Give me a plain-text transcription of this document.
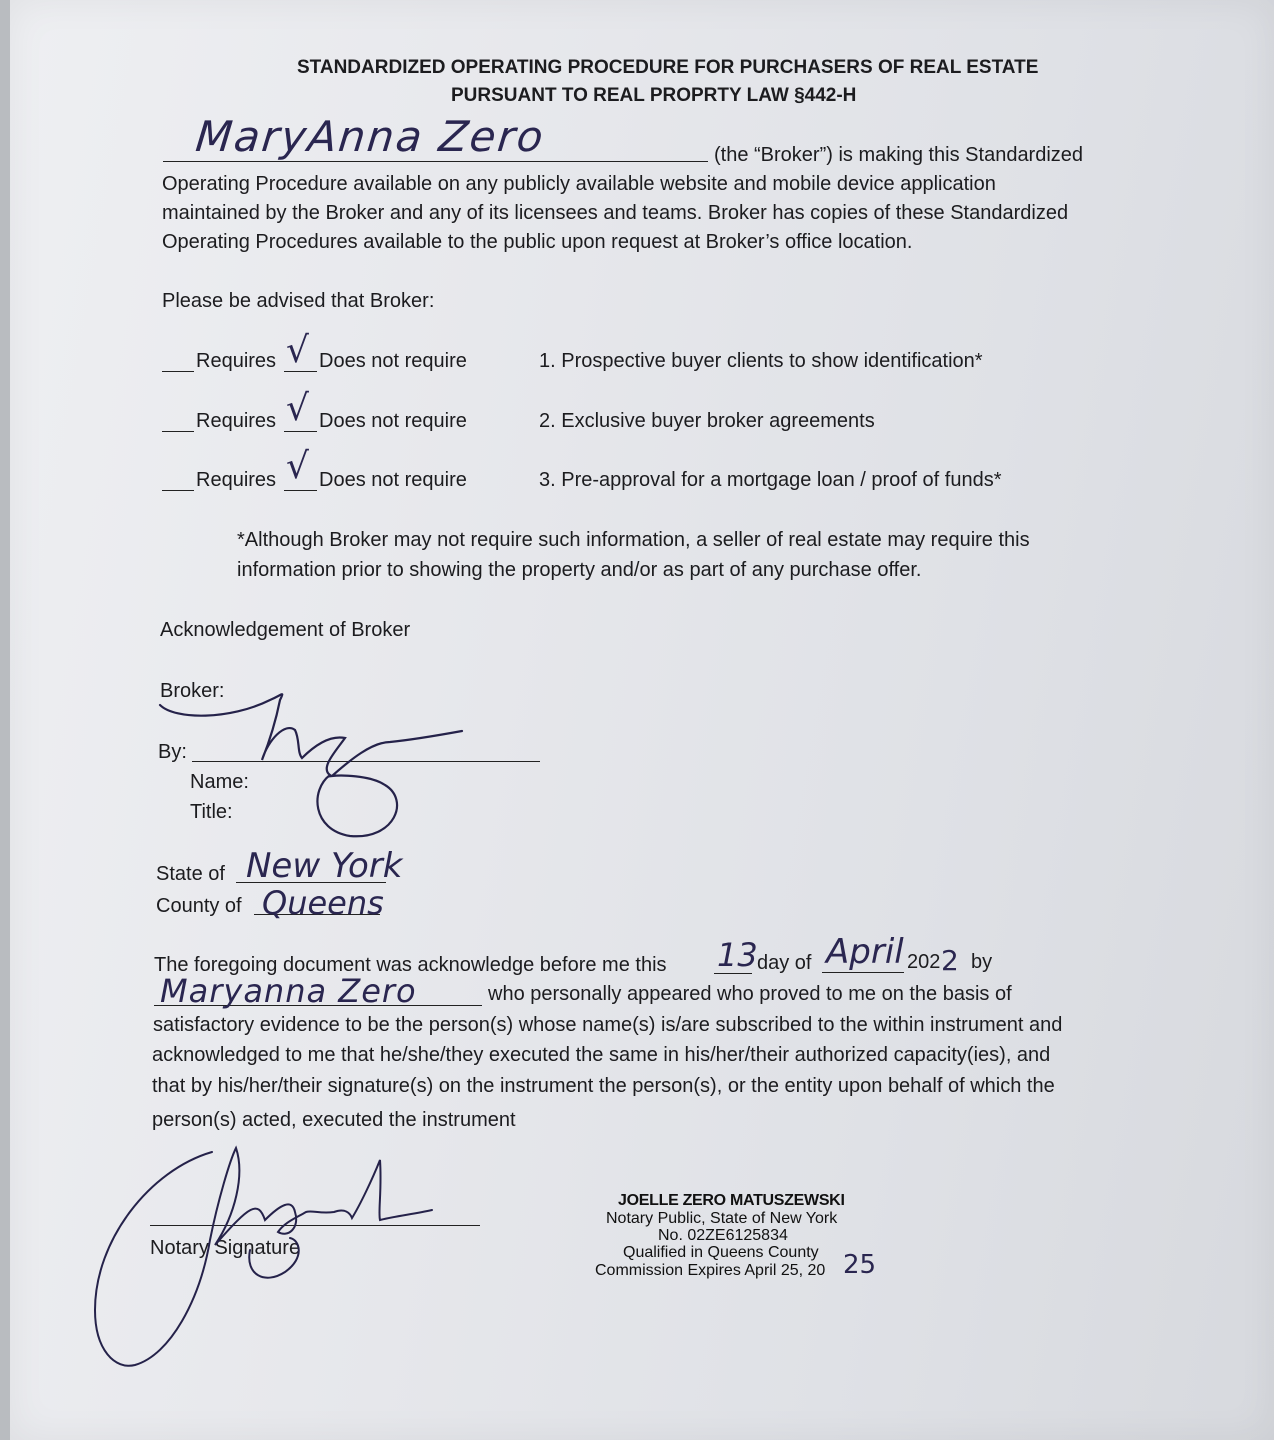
STANDARDIZED OPERATING PROCEDURE FOR PURCHASERS OF REAL ESTATE
PURSUANT TO REAL PROPRTY LAW §442-H
MaryAnna Zero	(the “Broker”) is making this Standardized
Operating Procedure available on any publicly available website and mobile device application
maintained by the Broker and any of its licensees and teams. Broker has copies of these Standardized
Operating Procedures available to the public upon request at Broker’s office location.
Please be advised that Broker:
Requires √ Does not require	1. Prospective buyer clients to show identification*
Requires √ Does not require	2. Exclusive buyer broker agreements
Requires √ Does not require	3. Pre-approval for a mortgage loan / proof of funds*
*Although Broker may not require such information, a seller of real estate may require this
information prior to showing the property and/or as part of any purchase offer.
Acknowledgement of Broker
Broker:
By:
Name:
Title:
State of New York
County of Queens
The foregoing document was acknowledge before me this 13 day of April 202 2 by
Maryanna Zero	who personally appeared who proved to me on the basis of
satisfactory evidence to be the person(s) whose name(s) is/are subscribed to the within instrument and
acknowledged to me that he/she/they executed the same in his/her/their authorized capacity(ies), and
that by his/her/their signature(s) on the instrument the person(s), or the entity upon behalf of which the
person(s) acted, executed the instrument
Notary Signature
JOELLE ZERO MATUSZEWSKI
Notary Public, State of New York
No. 02ZE6125834
Qualified in Queens County
Commission Expires April 25, 20 25
